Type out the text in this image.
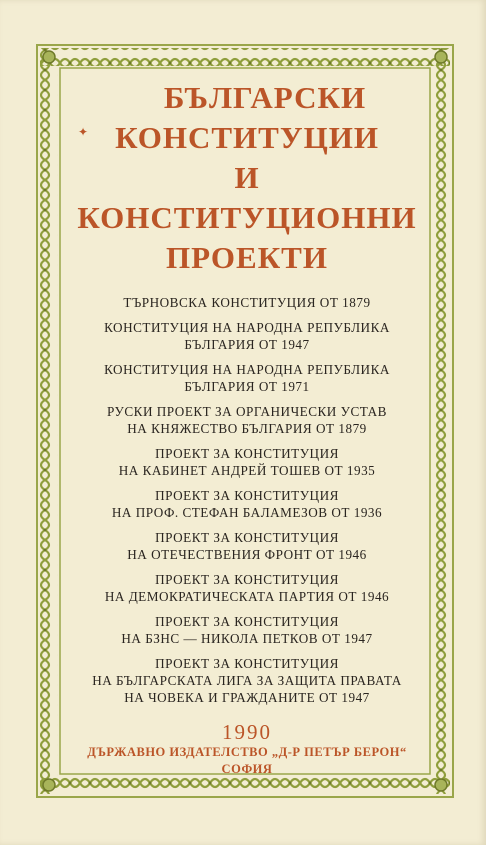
✦
БЪЛГАРСКИ
КОНСТИТУЦИИ
И КОНСТИТУЦИОННИ
ПРОЕКТИ

ТЪРНОВСКА КОНСТИТУЦИЯ ОТ 1879

КОНСТИТУЦИЯ НА НАРОДНА РЕПУБЛИКА
БЪЛГАРИЯ ОТ 1947

КОНСТИТУЦИЯ НА НАРОДНА РЕПУБЛИКА
БЪЛГАРИЯ ОТ 1971

РУСКИ ПРОЕКТ ЗА ОРГАНИЧЕСКИ УСТАВ
НА КНЯЖЕСТВО БЪЛГАРИЯ ОТ 1879

ПРОЕКТ ЗА КОНСТИТУЦИЯ
НА КАБИНЕТ АНДРЕЙ ТОШЕВ ОТ 1935

ПРОЕКТ ЗА КОНСТИТУЦИЯ
НА ПРОФ. СТЕФАН БАЛАМЕЗОВ ОТ 1936

ПРОЕКТ ЗА КОНСТИТУЦИЯ
НА ОТЕЧЕСТВЕНИЯ ФРОНТ ОТ 1946

ПРОЕКТ ЗА КОНСТИТУЦИЯ
НА ДЕМОКРАТИЧЕСКАТА ПАРТИЯ ОТ 1946

ПРОЕКТ ЗА КОНСТИТУЦИЯ
НА БЗНС — НИКОЛА ПЕТКОВ ОТ 1947

ПРОЕКТ ЗА КОНСТИТУЦИЯ
НА БЪЛГАРСКАТА ЛИГА ЗА ЗАЩИТА ПРАВАТА
НА ЧОВЕКА И ГРАЖДАНИТЕ ОТ 1947

1990
ДЪРЖАВНО ИЗДАТЕЛСТВО „Д-Р ПЕТЪР БЕРОН“
СОФИЯ
